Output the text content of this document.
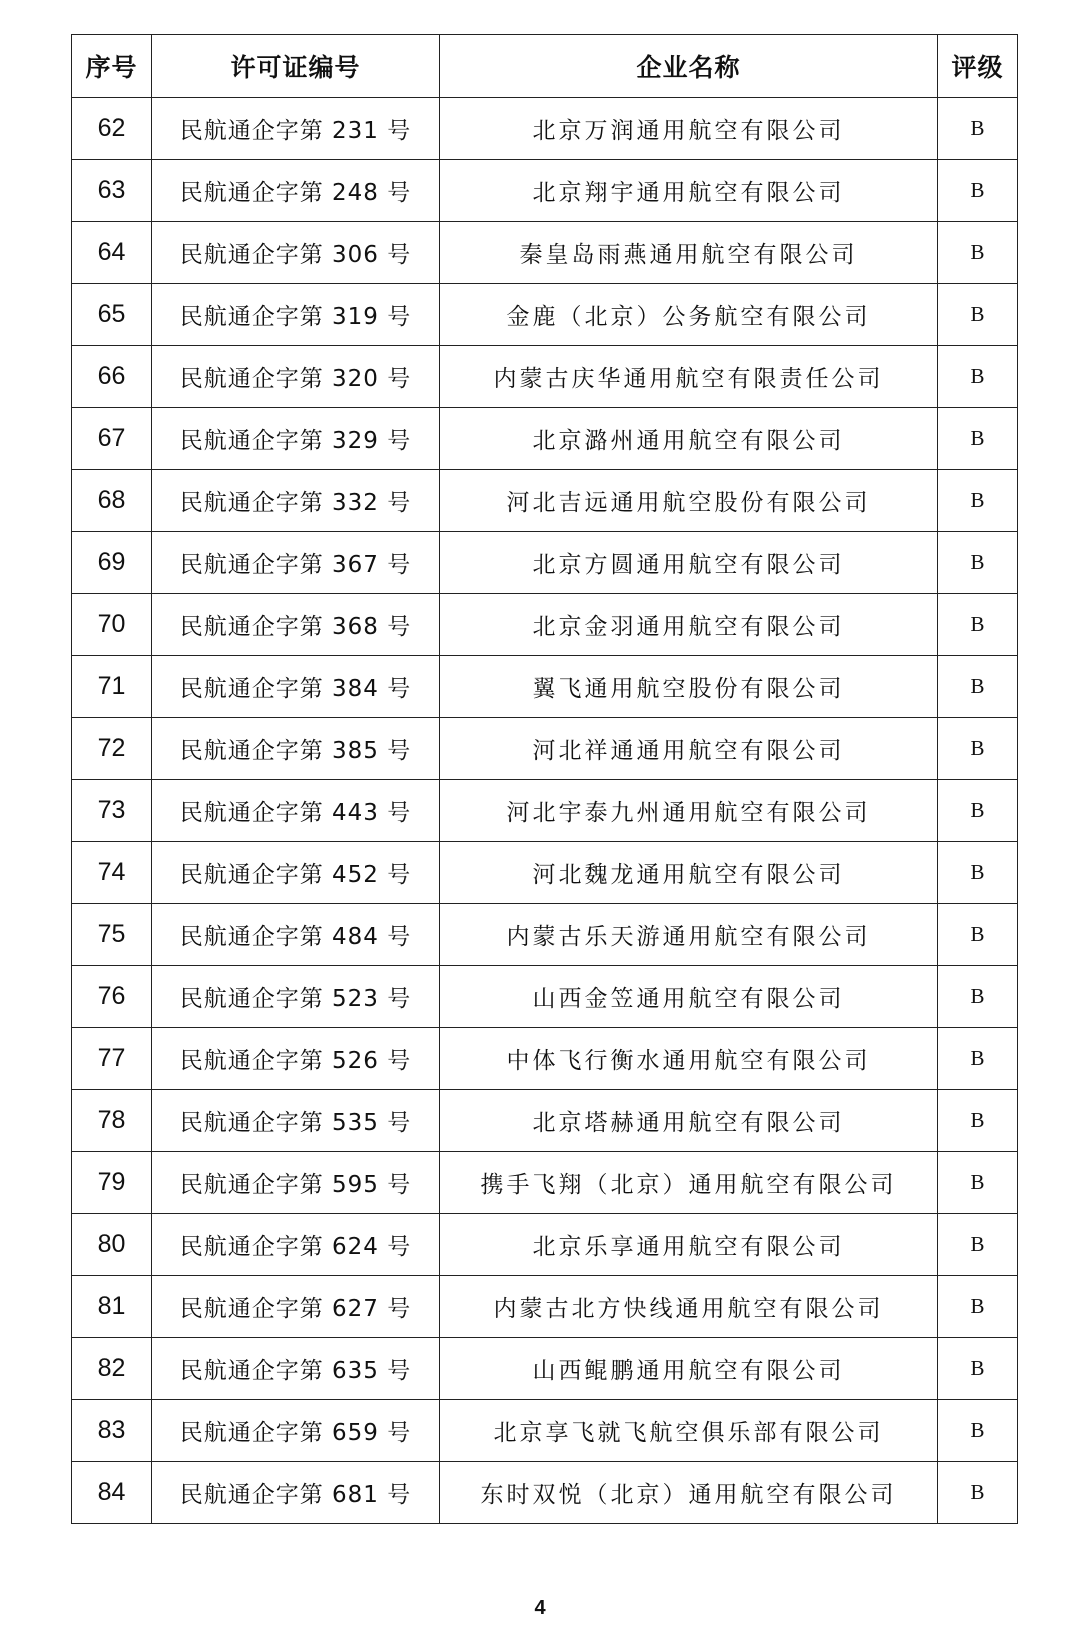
序号	许可证编号	企业名称	评级
62	民航通企字第 231 号	北京万润通用航空有限公司	B
63	民航通企字第 248 号	北京翔宇通用航空有限公司	B
64	民航通企字第 306 号	秦皇岛雨燕通用航空有限公司	B
65	民航通企字第 319 号	金鹿（北京）公务航空有限公司	B
66	民航通企字第 320 号	内蒙古庆华通用航空有限责任公司	B
67	民航通企字第 329 号	北京潞州通用航空有限公司	B
68	民航通企字第 332 号	河北吉远通用航空股份有限公司	B
69	民航通企字第 367 号	北京方圆通用航空有限公司	B
70	民航通企字第 368 号	北京金羽通用航空有限公司	B
71	民航通企字第 384 号	翼飞通用航空股份有限公司	B
72	民航通企字第 385 号	河北祥通通用航空有限公司	B
73	民航通企字第 443 号	河北宇泰九州通用航空有限公司	B
74	民航通企字第 452 号	河北魏龙通用航空有限公司	B
75	民航通企字第 484 号	内蒙古乐天游通用航空有限公司	B
76	民航通企字第 523 号	山西金笠通用航空有限公司	B
77	民航通企字第 526 号	中体飞行衡水通用航空有限公司	B
78	民航通企字第 535 号	北京塔赫通用航空有限公司	B
79	民航通企字第 595 号	携手飞翔（北京）通用航空有限公司	B
80	民航通企字第 624 号	北京乐享通用航空有限公司	B
81	民航通企字第 627 号	内蒙古北方快线通用航空有限公司	B
82	民航通企字第 635 号	山西鲲鹏通用航空有限公司	B
83	民航通企字第 659 号	北京享飞就飞航空俱乐部有限公司	B
84	民航通企字第 681 号	东时双悦（北京）通用航空有限公司	B
4
